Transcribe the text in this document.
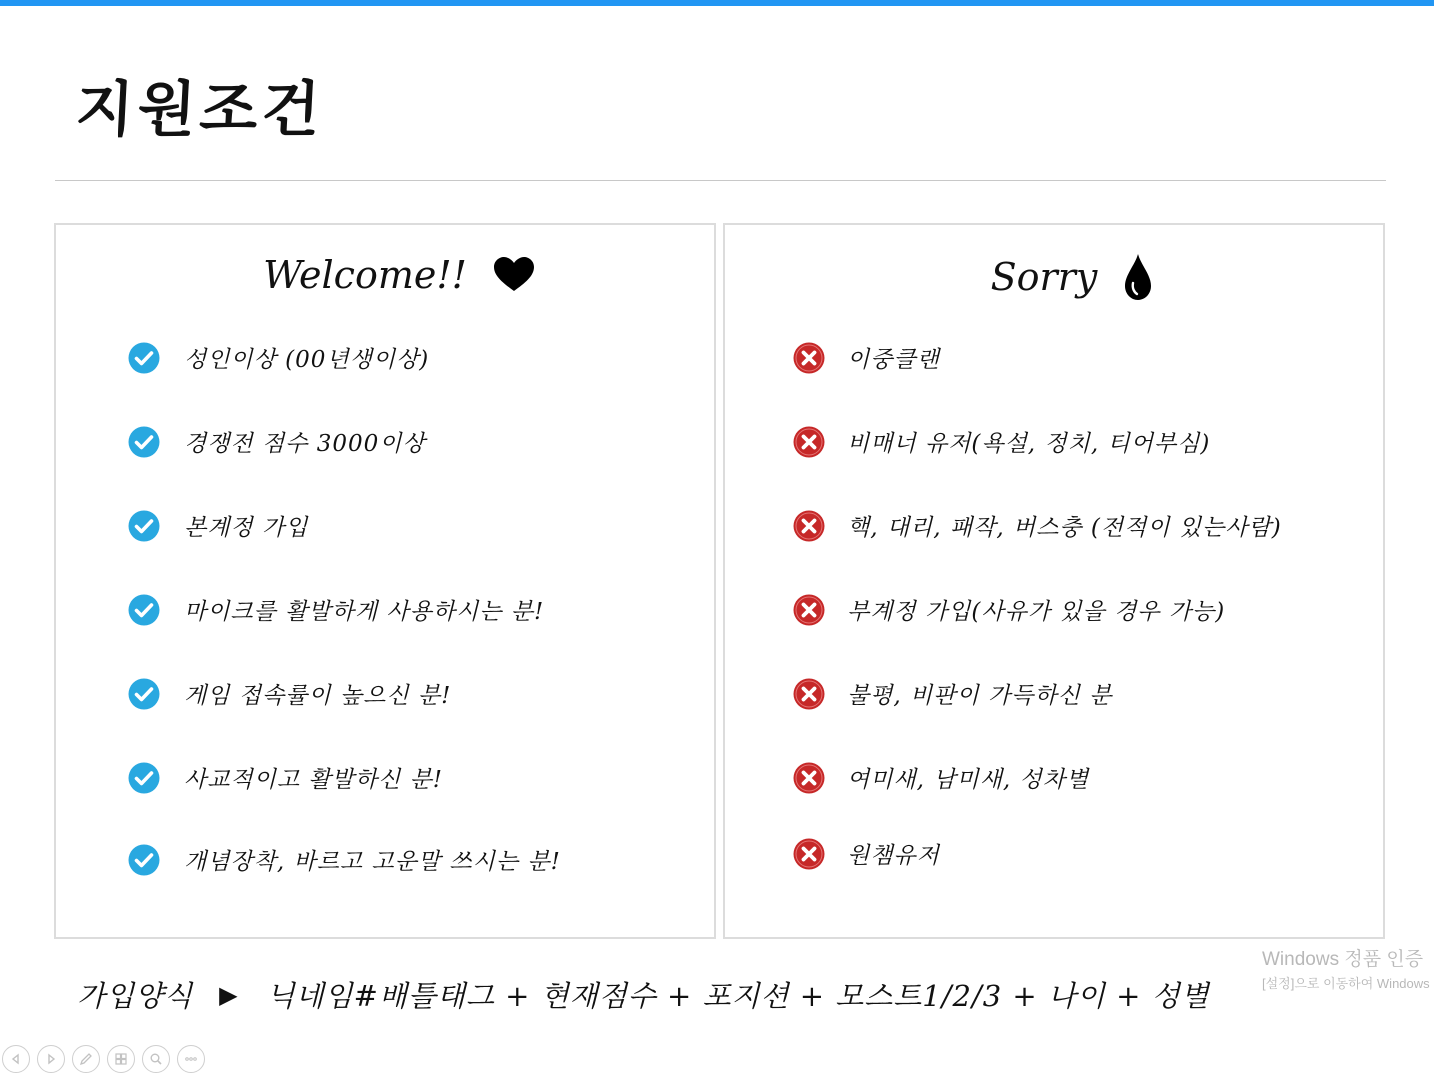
지원조건
Welcome!!
성인이상 (00년생이상)
경쟁전 점수 3000이상
본계정 가입
마이크를 활발하게 사용하시는 분!
게임 접속률이 높으신 분!
사교적이고 활발하신 분!
개념장착, 바르고 고운말 쓰시는 분!
Sorry
이중클랜
비매너 유저(욕설, 정치, 티어부심)
핵, 대리, 패작, 버스충 (전적이 있는사람)
부계정 가입(사유가 있을 경우 가능)
불평, 비판이 가득하신 분
여미새, 남미새, 성차별
원챔유저
가입양식 ▶ 닉네임#배틀태그 + 현재점수 + 포지션 + 모스트1/2/3 + 나이 + 성별
Windows 정품 인증
[설정]으로 이동하여 Windows
